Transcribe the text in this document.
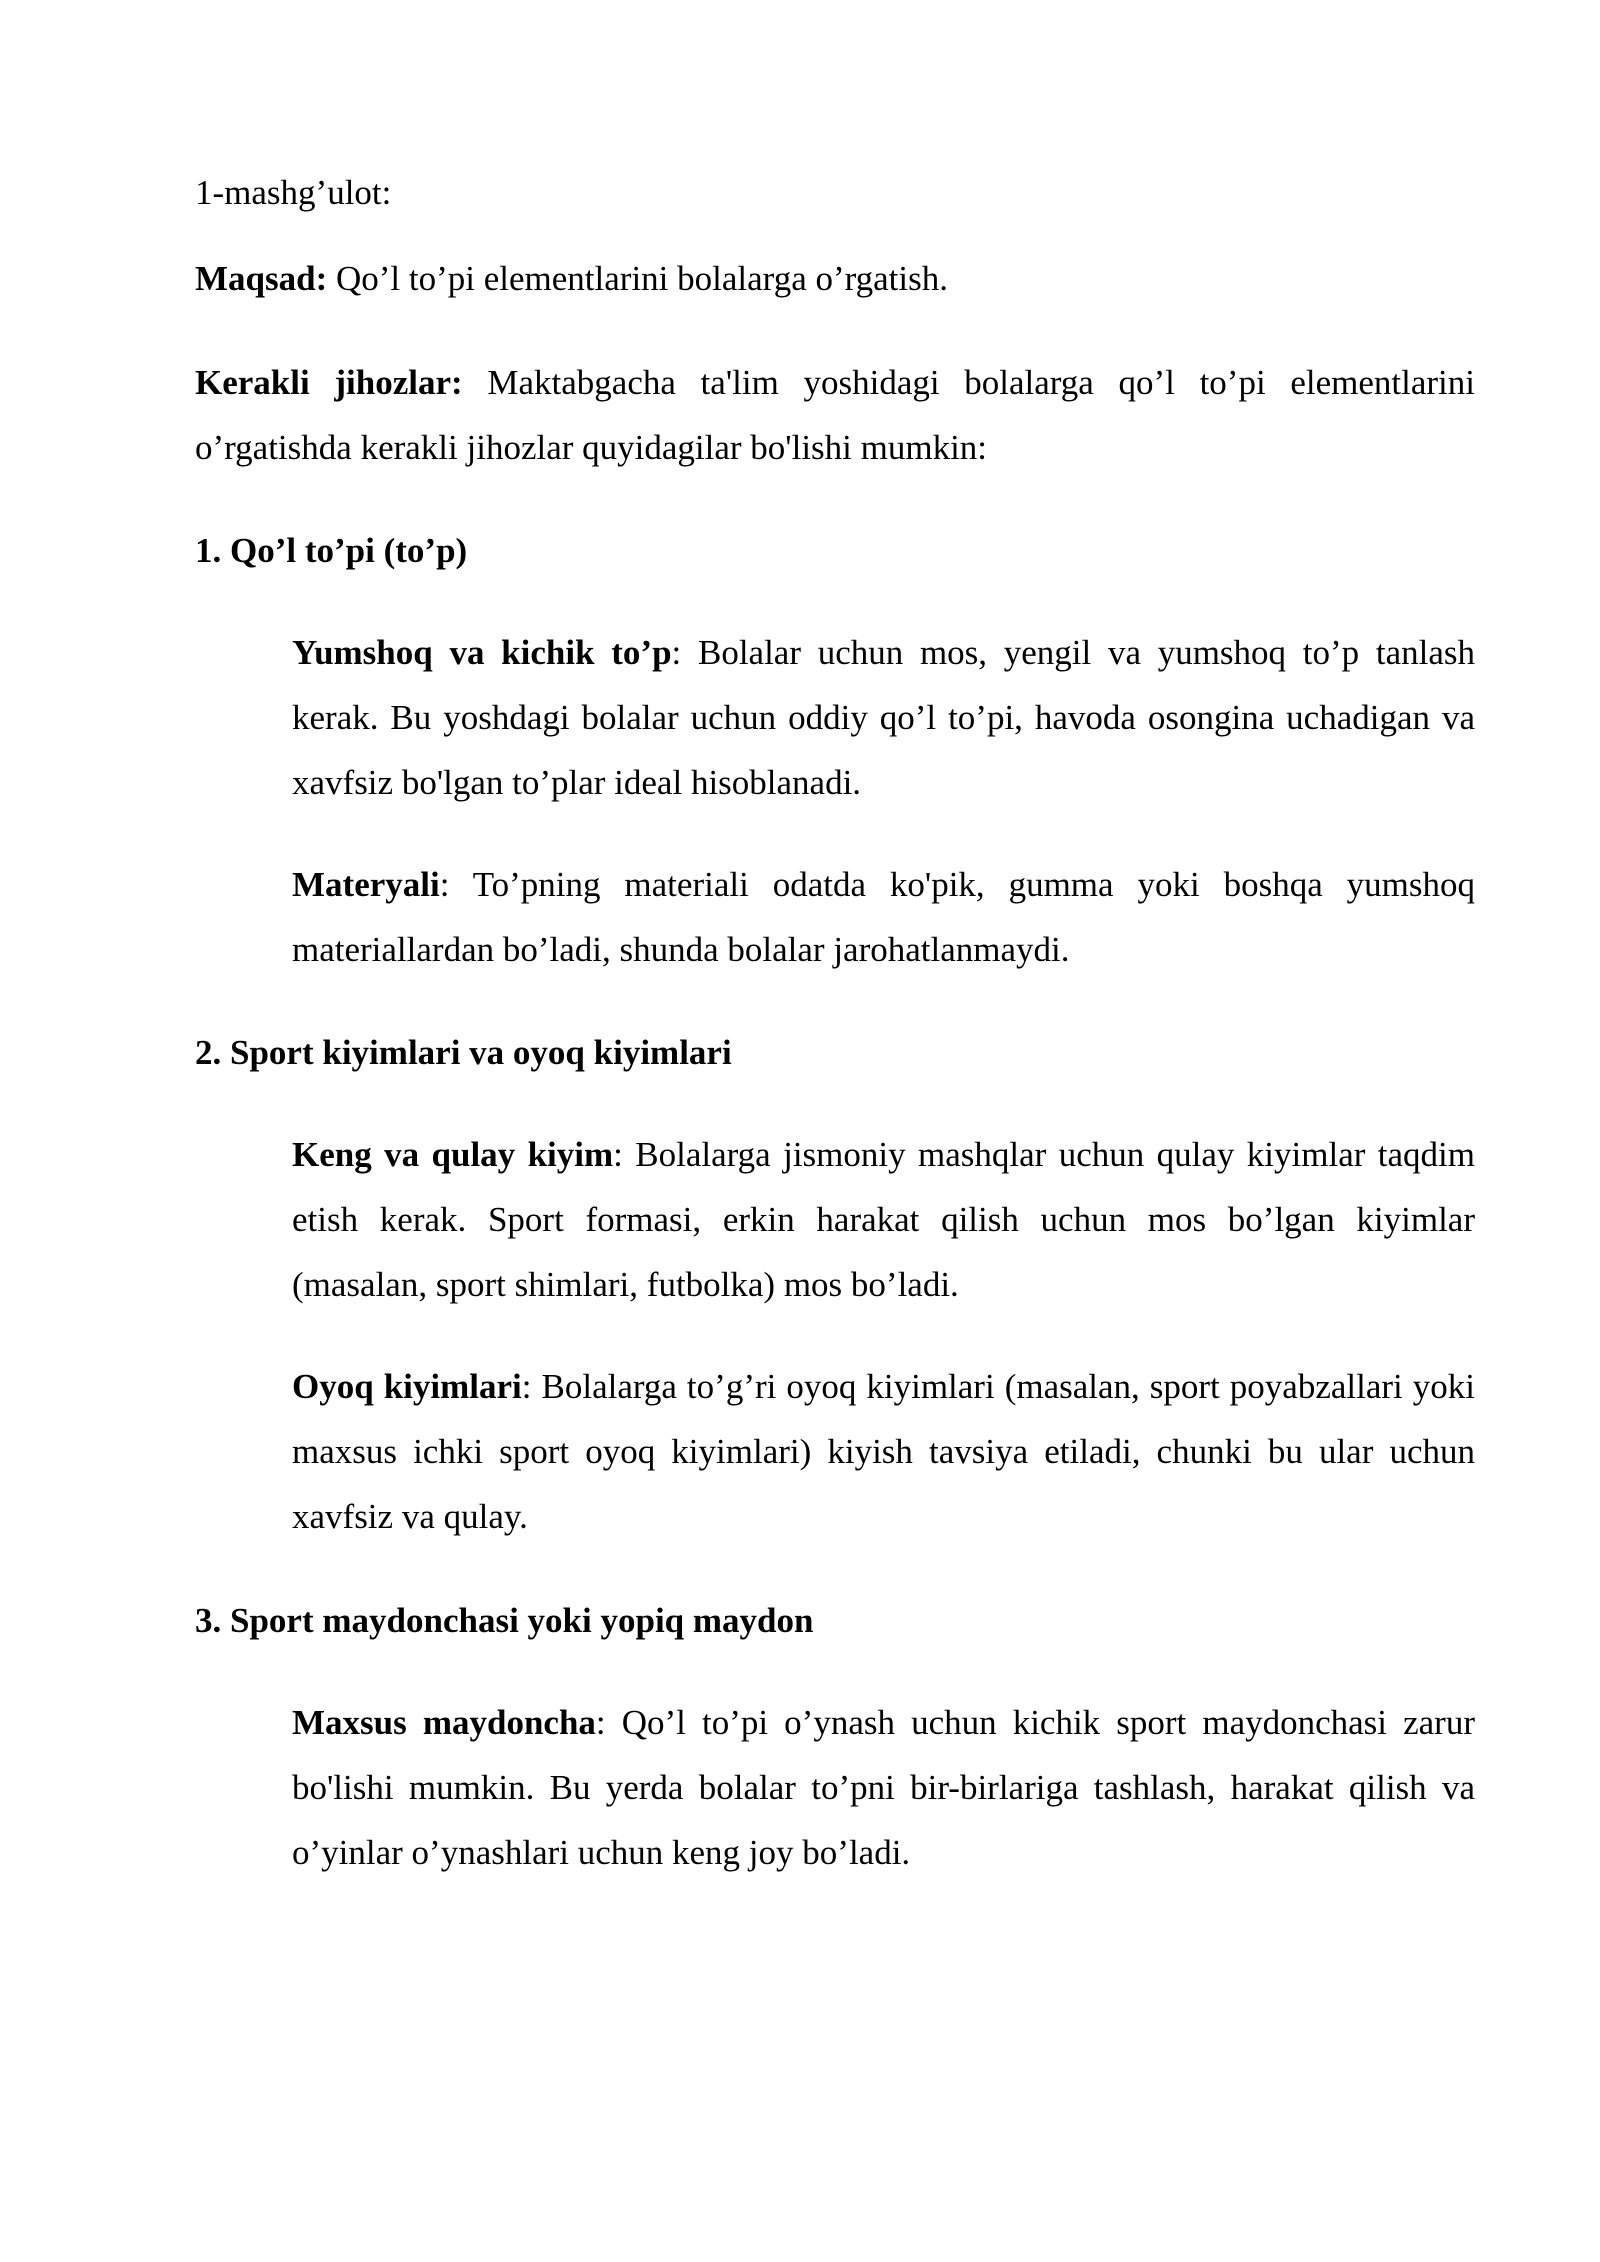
1-mashg’ulot:

Maqsad: Qo’l to’pi elementlarini bolalarga o’rgatish.

Kerakli jihozlar: Maktabgacha ta'lim yoshidagi bolalarga qo’l to’pi elementlarini o’rgatishda kerakli jihozlar quyidagilar bo'lishi mumkin:

1. Qo’l to’pi (to’p)

Yumshoq va kichik to’p: Bolalar uchun mos, yengil va yumshoq to’p tanlash kerak. Bu yoshdagi bolalar uchun oddiy qo’l to’pi, havoda osongina uchadigan va xavfsiz bo'lgan to’plar ideal hisoblanadi.

Materyali: To’pning materiali odatda ko'pik, gumma yoki boshqa yumshoq materiallardan bo’ladi, shunda bolalar jarohatlanmaydi.

2. Sport kiyimlari va oyoq kiyimlari

Keng va qulay kiyim: Bolalarga jismoniy mashqlar uchun qulay kiyimlar taqdim etish kerak. Sport formasi, erkin harakat qilish uchun mos bo’lgan kiyimlar (masalan, sport shimlari, futbolka) mos bo’ladi.

Oyoq kiyimlari: Bolalarga to’g’ri oyoq kiyimlari (masalan, sport poyabzallari yoki maxsus ichki sport oyoq kiyimlari) kiyish tavsiya etiladi, chunki bu ular uchun xavfsiz va qulay.

3. Sport maydonchasi yoki yopiq maydon

Maxsus maydoncha: Qo’l to’pi o’ynash uchun kichik sport maydonchasi zarur bo'lishi mumkin. Bu yerda bolalar to’pni bir-birlariga tashlash, harakat qilish va o’yinlar o’ynashlari uchun keng joy bo’ladi.
